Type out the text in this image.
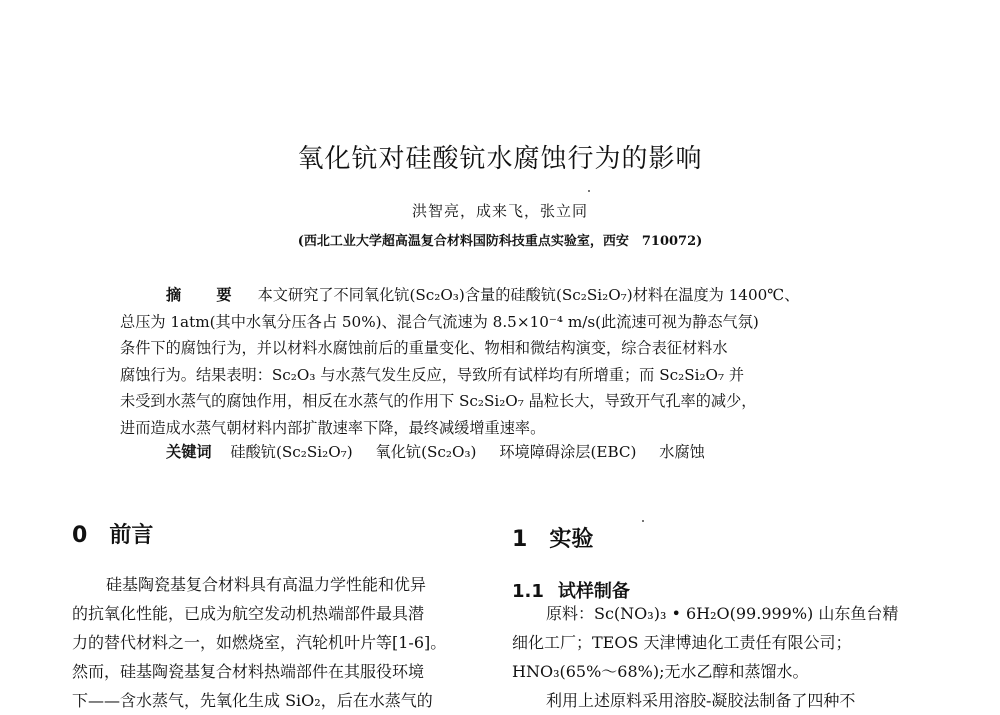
氧化钪对硅酸钪水腐蚀行为的影响
洪智亮，成来飞，张立同
(西北工业大学超高温复合材料国防科技重点实验室，西安　710072)
摘　要 本文研究了不同氧化钪(Sc₂O₃)含量的硅酸钪(Sc₂Si₂O₇)材料在温度为 1400℃、
总压为 1atm(其中水氧分压各占 50%)、混合气流速为 8.5×10⁻⁴ m/s(此流速可视为静态气氛)
条件下的腐蚀行为，并以材料水腐蚀前后的重量变化、物相和微结构演变，综合表征材料水
腐蚀行为。结果表明：Sc₂O₃ 与水蒸气发生反应，导致所有试样均有所增重；而 Sc₂Si₂O₇ 并
未受到水蒸气的腐蚀作用，相反在水蒸气的作用下 Sc₂Si₂O₇ 晶粒长大，导致开气孔率的减少，
进而造成水蒸气朝材料内部扩散速率下降，最终减缓增重速率。
关键词 硅酸钪(Sc₂Si₂O₇) 氧化钪(Sc₂O₃) 环境障碍涂层(EBC) 水腐蚀
0 前言
硅基陶瓷基复合材料具有高温力学性能和优异
的抗氧化性能，已成为航空发动机热端部件最具潜
力的替代材料之一，如燃烧室，汽轮机叶片等[1-6]。
然而，硅基陶瓷基复合材料热端部件在其服役环境
下——含水蒸气，先氧化生成 SiO₂，后在水蒸气的
1 实验
1.1 试样制备
原料：Sc(NO₃)₃ • 6H₂O(99.999%) 山东鱼台精
细化工厂；TEOS 天津博迪化工责任有限公司；
HNO₃(65%～68%);无水乙醇和蒸馏水。
利用上述原料采用溶胶-凝胶法制备了四种不
